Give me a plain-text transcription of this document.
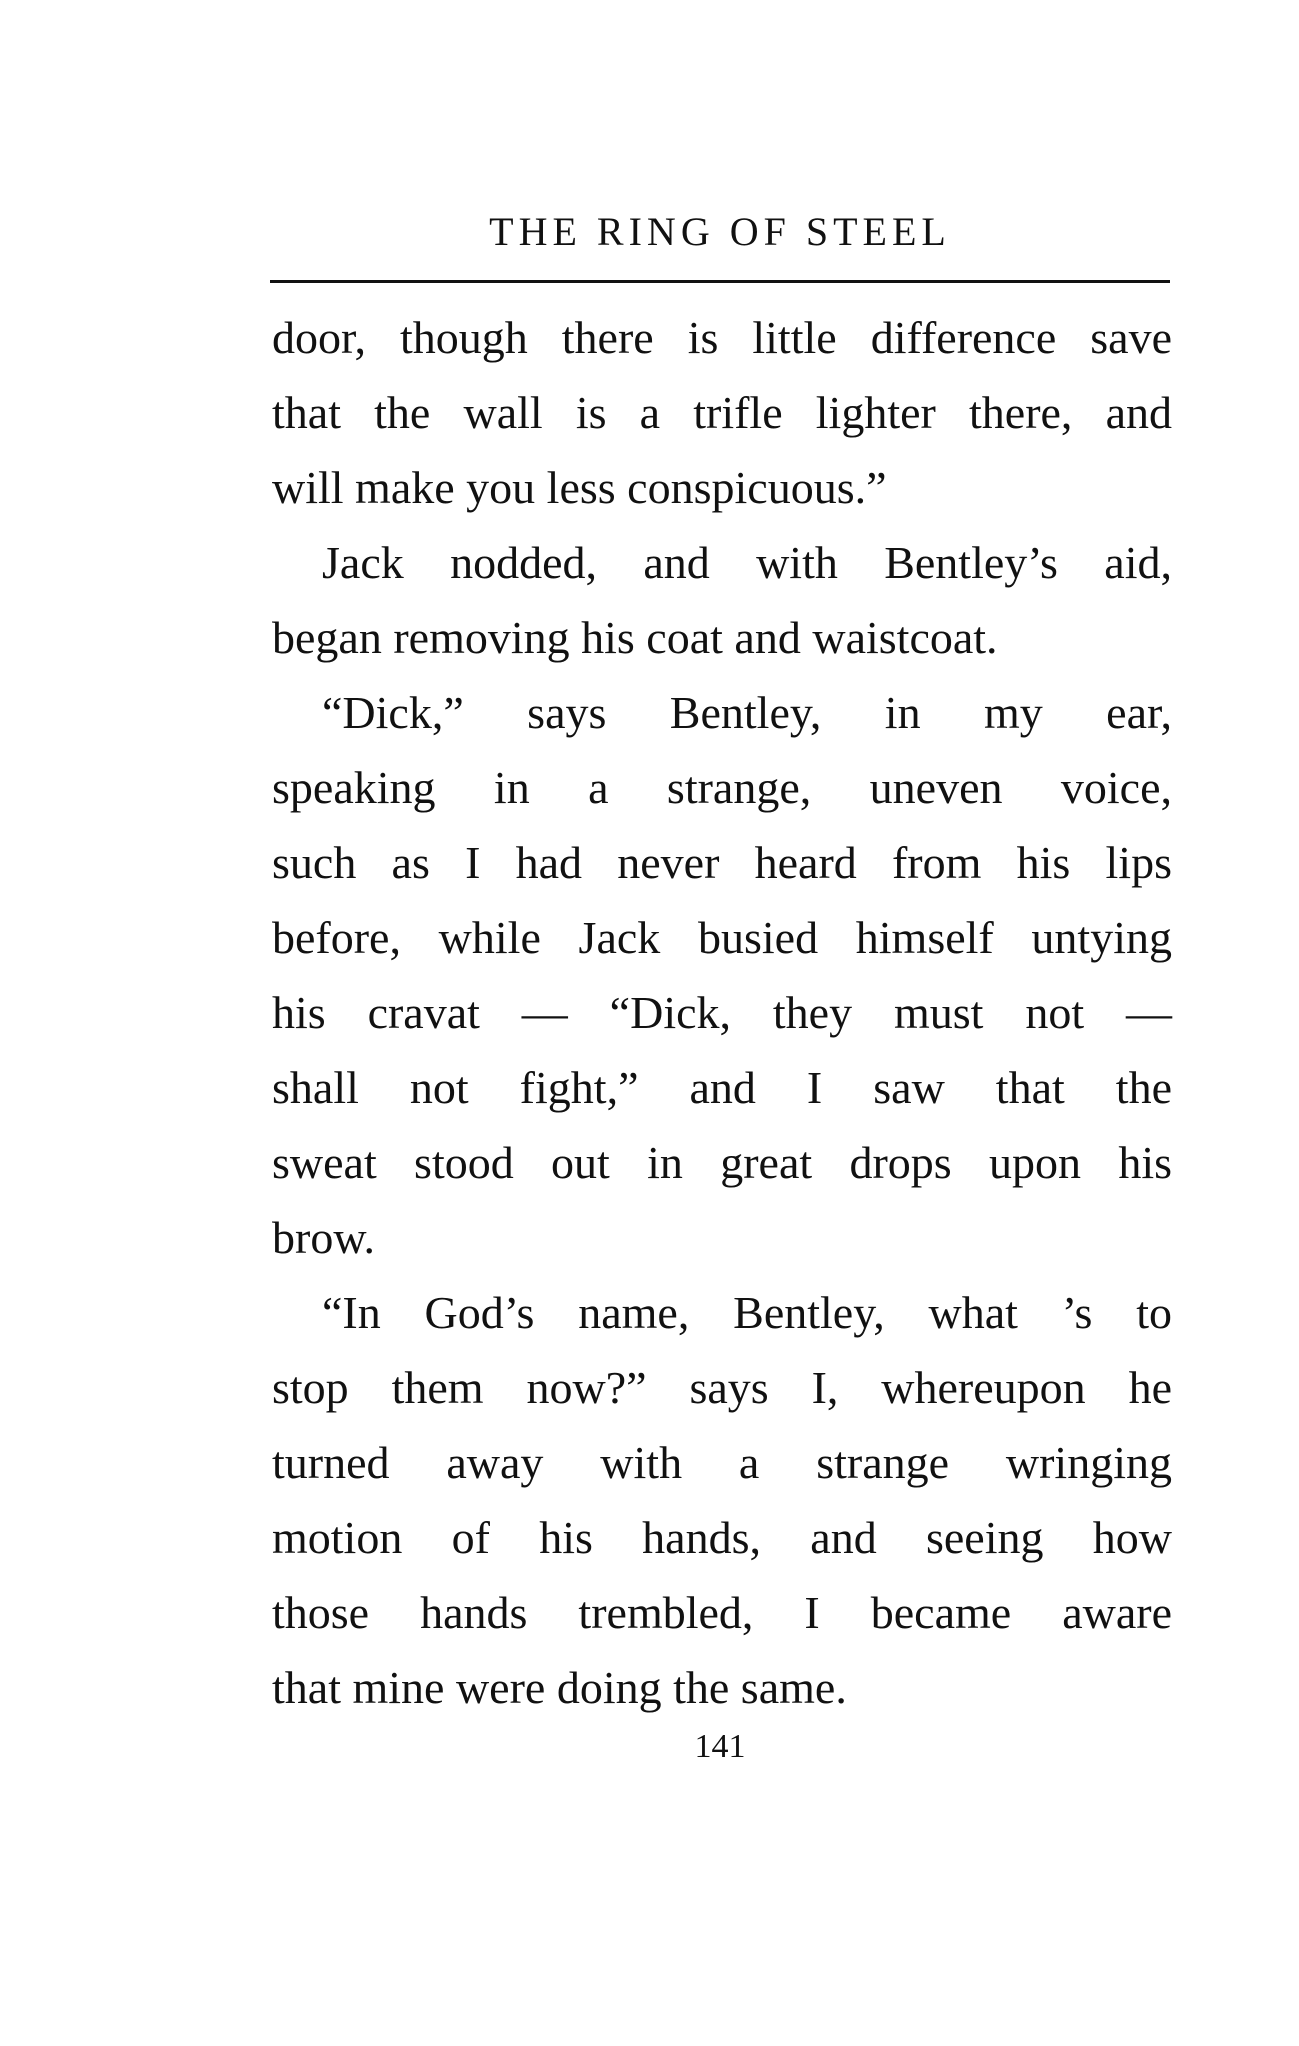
THE RING OF STEEL
door, though there is little difference save
that the wall is a trifle lighter there, and
will make you less conspicuous.”
Jack nodded, and with Bentley’s aid,
began removing his coat and waistcoat.
“Dick,” says Bentley, in my ear,
speaking in a strange, uneven voice,
such as I had never heard from his lips
before, while Jack busied himself untying
his cravat — “Dick, they must not —
shall not fight,” and I saw that the
sweat stood out in great drops upon his
brow.
“In God’s name, Bentley, what ’s to
stop them now?” says I, whereupon he
turned away with a strange wringing
motion of his hands, and seeing how
those hands trembled, I became aware
that mine were doing the same.
141
